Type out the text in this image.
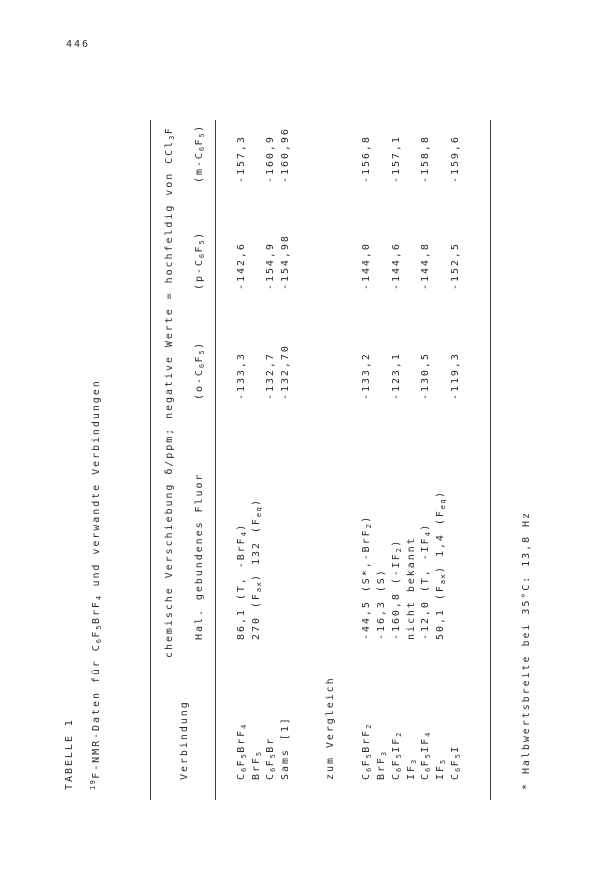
446
TABELLE 1 $^{19}$F-NMR-Daten für $C_6F_5BrF_4$ und verwandte Verbindungen	chemische Verschiebung δ/ppm; negative Werte = hochfeldig von CCl$_3$F
Verbindung
Hal. gebundenes Fluor
$(o-C_6F_5)$
$(p-C_6F_5)$
$(m-C_6F_5)$
$C_6F_5BrF_4$
86,1 (T, -BrF$_4$)
-133,3
-142,6
-157,3
BrF$_5$
270 $(F_{ax})$ 132 $(F_{eq})$
$C_6F_5Br$
-132,7
-154,9
-160,9
Sams [1]
-132,70
-154,98
-160,96
zum Vergleich	$C_6F_5BrF_2$
-44,5 (S*,-BrF$_2$)
-133,2
-144,0
-156,8
BrF$_3$
-16,3 (S)
$C_6F_5IF_2$
-160,8 $(-IF_2)$
-123,1
-144,6
-157,1
$IF_3$
nicht bekannt
$C_6F_5IF_4$
-12,0 (T, $-IF_4$)
-130,5
-144,8
-158,8
$IF_5$
50,1 $(F_{ax})$ 1,4 $(F_{eq})$
$C_6F_5I$
-119,3
-152,5
-159,6
* Halbwertsbreite bei 35°C: 13,8 Hz
